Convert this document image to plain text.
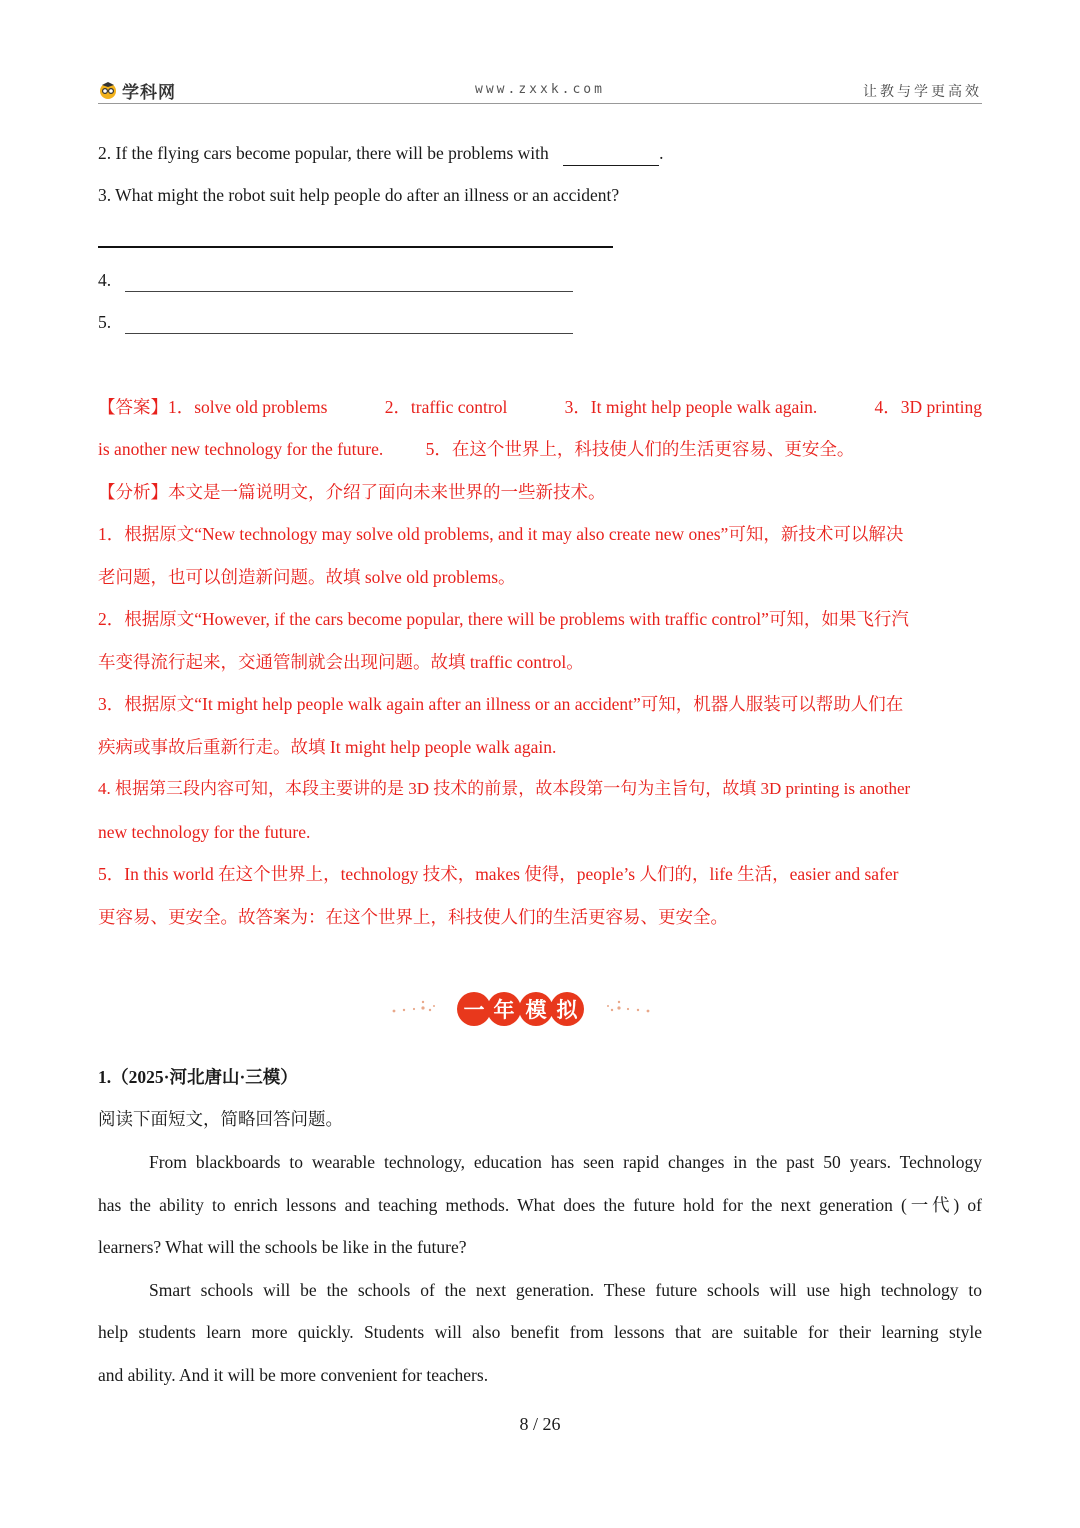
学科网	www.zxxk.com	让教与学更高效
2. If the flying cars become popular, there will be problems with	.
3. What might the robot suit help people do after an illness or an accident?
4.
5.
【答案】1．solve old problems	2．traffic control	3．It might help people walk again.	4．3D printing
is another new technology for the future. 5．在这个世界上，科技使人们的生活更容易、更安全。
【分析】本文是一篇说明文，介绍了面向未来世界的一些新技术。
1．根据原文“New technology may solve old problems, and it may also create new ones”可知，新技术可以解决
老问题，也可以创造新问题。故填 solve old problems。
2．根据原文“However, if the cars become popular, there will be problems with traffic control”可知，如果飞行汽
车变得流行起来，交通管制就会出现问题。故填 traffic control。
3．根据原文“It might help people walk again after an illness or an accident”可知，机器人服装可以帮助人们在
疾病或事故后重新行走。故填 It might help people walk again.
4. 根据第三段内容可知，本段主要讲的是 3D 技术的前景，故本段第一句为主旨句，故填 3D printing is another
new technology for the future.
5．In this world 在这个世界上，technology 技术，makes 使得，people’s 人们的，life 生活，easier and safer
更容易、更安全。故答案为：在这个世界上，科技使人们的生活更容易、更安全。
一 年 模 拟
1.（2025·河北唐山·三模）
阅读下面短文，简略回答问题。
From blackboards to wearable technology, education has seen rapid changes in the past 50 years. Technology
has the ability to enrich lessons and teaching methods. What does the future hold for the next generation (一代) of
learners? What will the schools be like in the future?
Smart schools will be the schools of the next generation. These future schools will use high technology to
help students learn more quickly. Students will also benefit from lessons that are suitable for their learning style
and ability. And it will be more convenient for teachers.
8 / 26
